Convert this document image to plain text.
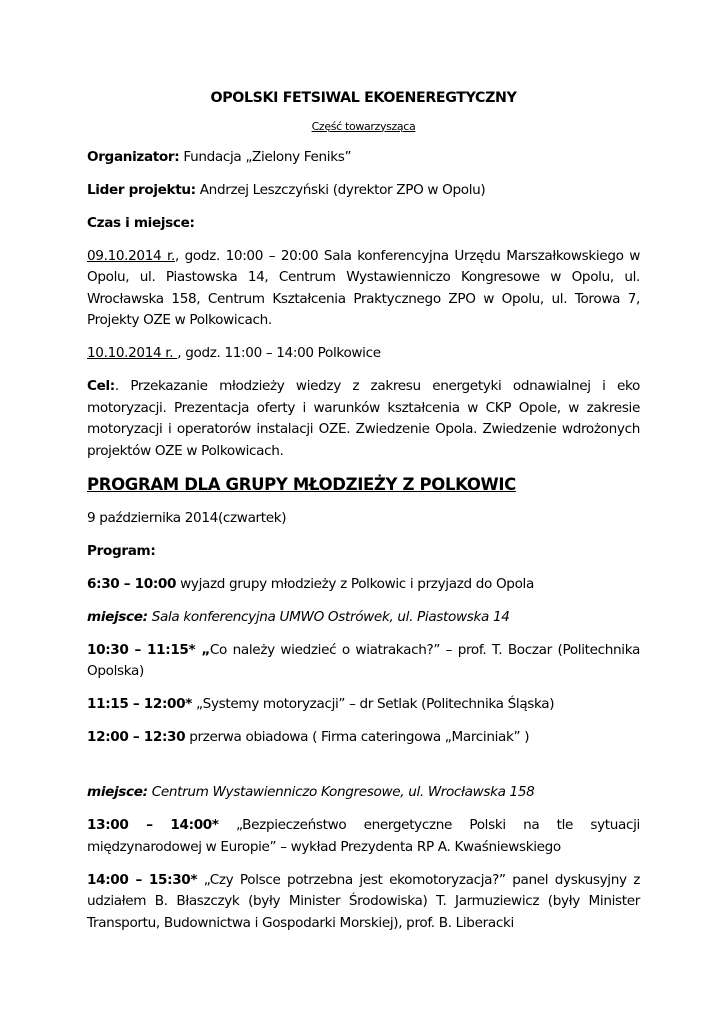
OPOLSKI FETSIWAL EKOENEREGTYCZNY
Część towarzysząca

Organizator: Fundacja „Zielony Feniks”

Lider projektu: Andrzej Leszczyński (dyrektor ZPO w Opolu)

Czas i miejsce:

09.10.2014 r., godz. 10:00 – 20:00 Sala konferencyjna Urzędu Marszałkowskiego w Opolu, ul. Piastowska 14, Centrum Wystawienniczo Kongresowe w Opolu, ul. Wrocławska 158, Centrum Kształcenia Praktycznego ZPO w Opolu, ul. Torowa 7, Projekty OZE w Polkowicach.

10.10.2014 r. , godz. 11:00 – 14:00 Polkowice

Cel:. Przekazanie młodzieży wiedzy z zakresu energetyki odnawialnej i eko motoryzacji. Prezentacja oferty i warunków kształcenia w CKP Opole, w zakresie motoryzacji i operatorów instalacji OZE. Zwiedzenie Opola. Zwiedzenie wdrożonych projektów OZE w Polkowicach.

PROGRAM DLA GRUPY MŁODZIEŻY Z POLKOWIC

9 października 2014(czwartek)

Program:

6:30 – 10:00 wyjazd grupy młodzieży z Polkowic i przyjazd do Opola

miejsce: Sala konferencyjna UMWO Ostrówek, ul. Piastowska 14

10:30 – 11:15* „Co należy wiedzieć o wiatrakach?” – prof. T. Boczar (Politechnika Opolska)

11:15 – 12:00* „Systemy motoryzacji” – dr Setlak (Politechnika Śląska)

12:00 – 12:30 przerwa obiadowa ( Firma cateringowa „Marciniak” )

miejsce: Centrum Wystawienniczo Kongresowe, ul. Wrocławska 158

13:00 – 14:00* „Bezpieczeństwo energetyczne Polski na tle sytuacji międzynarodowej w Europie” – wykład Prezydenta RP A. Kwaśniewskiego

14:00 – 15:30* „Czy Polsce potrzebna jest ekomotoryzacja?” panel dyskusyjny z udziałem B. Błaszczyk (były Minister Środowiska) T. Jarmuziewicz (były Minister Transportu, Budownictwa i Gospodarki Morskiej), prof. B. Liberacki
